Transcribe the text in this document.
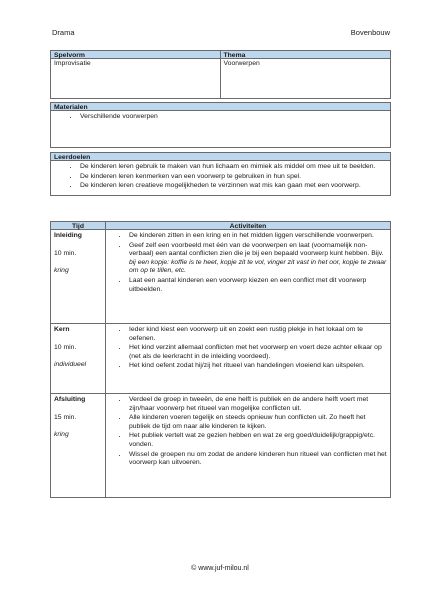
Drama	Bovenbouw
Spelvorm
Improvisatie
Thema
Voorwerpen
Materialen
• Verschillende voorwerpen
Leerdoelen
• De kinderen leren gebruik te maken van hun lichaam en mimiek als middel om mee uit te beelden.
• De kinderen leren kenmerken van een voorwerp te gebruiken in hun spel.
• De kinderen leren creatieve mogelijkheden te verzinnen wat mis kan gaan met een voorwerp.
Tijd	Activiteiten
Inleiding
10 min.
kring
• De kinderen zitten in een kring en in het midden liggen verschillende voorwerpen.
• Geef zelf een voorbeeld met één van de voorwerpen en laat (voornamelijk non-verbaal) een aantal conflicten zien die je bij een bepaald voorwerp kunt hebben. Bijv. bij een kopje: koffie is te heet, kopje zit te vol, vinger zit vast in het oor, kopje te zwaar om op te tillen, etc.
• Laat een aantal kinderen een voorwerp kiezen en een conflict met dit voorwerp uitbeelden.
Kern
10 min.
individueel
• Ieder kind kiest een voorwerp uit en zoekt een rustig plekje in het lokaal om te oefenen.
• Het kind verzint allemaal conflicten met het voorwerp en voert deze achter elkaar op (net als de leerkracht in de inleiding voordeed).
• Het kind oefent zodat hij/zij het ritueel van handelingen vloeiend kan uitspelen.
Afsluiting
15 min.
kring
• Verdeel de groep in tweeën, de ene helft is publiek en de andere helft voert met zijn/haar voorwerp het ritueel van mogelijke conflicten uit.
• Alle kinderen voeren tegelijk en steeds opnieuw hun conflicten uit. Zo heeft het publiek de tijd om naar alle kinderen te kijken.
• Het publiek vertelt wat ze gezien hebben en wat ze erg goed/duidelijk/grappig/etc. vonden.
• Wissel de groepen nu om zodat de andere kinderen hun ritueel van conflicten met het voorwerp kan uitvoeren.
© www.juf-milou.nl
